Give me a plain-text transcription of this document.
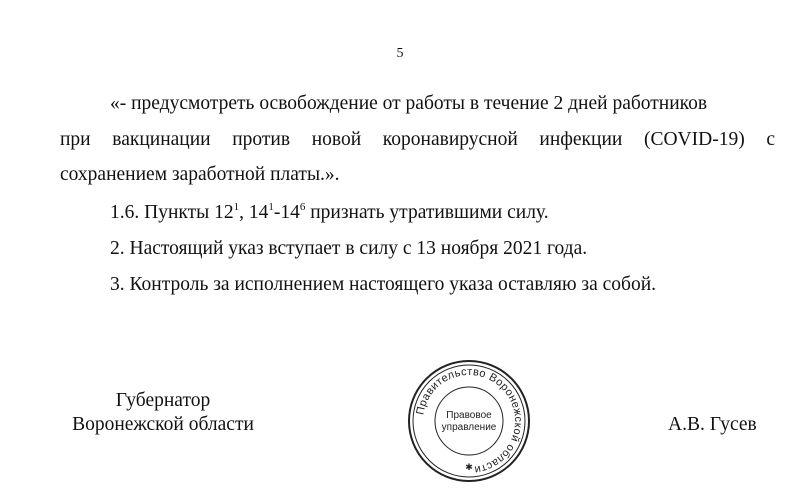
5
«- предусмотреть освобождение от работы в течение 2 дней работников
при вакцинации против новой коронавирусной инфекции (COVID-19) с
сохранением заработной платы.».
1.6. Пункты $12^1$, $14^1-14^6$ признать утратившими силу.
2. Настоящий указ вступает в силу с 13 ноября 2021 года.
3. Контроль за исполнением настоящего указа оставляю за собой.
Губернатор
Воронежской области	А.В. Гусев
Правительство Воронежской области
Правовое
управление
✱
